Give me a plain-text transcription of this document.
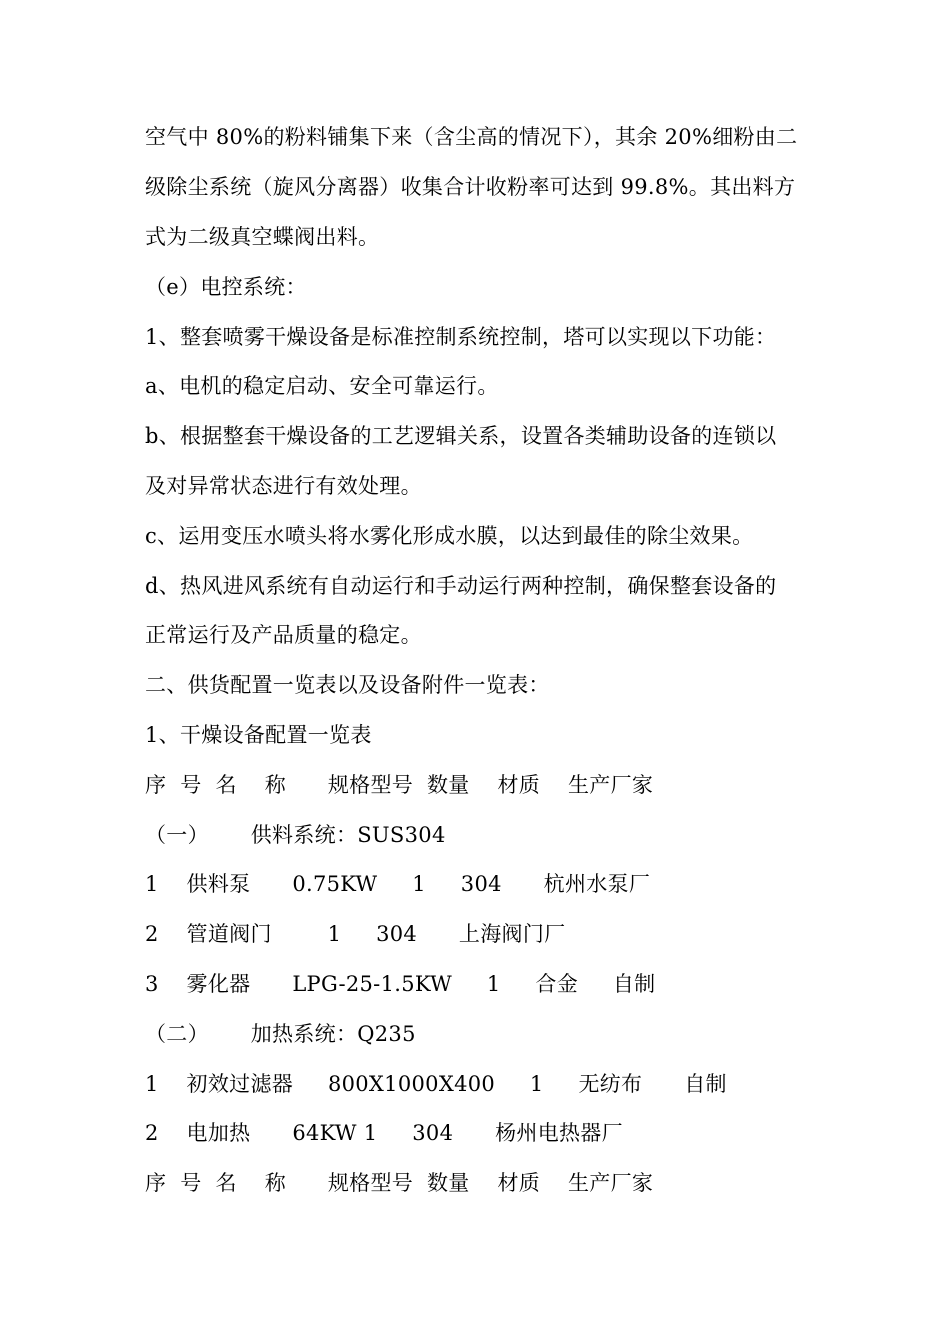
空气中 80%的粉料铺集下来（含尘高的情况下），其余 20%细粉由二
级除尘系统（旋风分离器）收集合计收粉率可达到 99.8%。其出料方
式为二级真空蝶阀出料。
（e）电控系统：
1、整套喷雾干燥设备是标准控制系统控制，塔可以实现以下功能：
a、电机的稳定启动、安全可靠运行。
b、根据整套干燥设备的工艺逻辑关系，设置各类辅助设备的连锁以
及对异常状态进行有效处理。
c、运用变压水喷头将水雾化形成水膜，以达到最佳的除尘效果。
d、热风进风系统有自动运行和手动运行两种控制，确保整套设备的
正常运行及产品质量的稳定。
二、供货配置一览表以及设备附件一览表：
1、干燥设备配置一览表
序  号  名    称      规格型号  数量    材质    生产厂家
（一）      供料系统：SUS304
1    供料泵      0.75KW     1     304      杭州水泵厂
2    管道阀门        1     304      上海阀门厂
3    雾化器      LPG-25-1.5KW     1     合金     自制
（二）      加热系统：Q235
1    初效过滤器     800X1000X400     1     无纺布      自制
2    电加热      64KW 1     304      杨州电热器厂
序  号  名    称      规格型号  数量    材质    生产厂家
